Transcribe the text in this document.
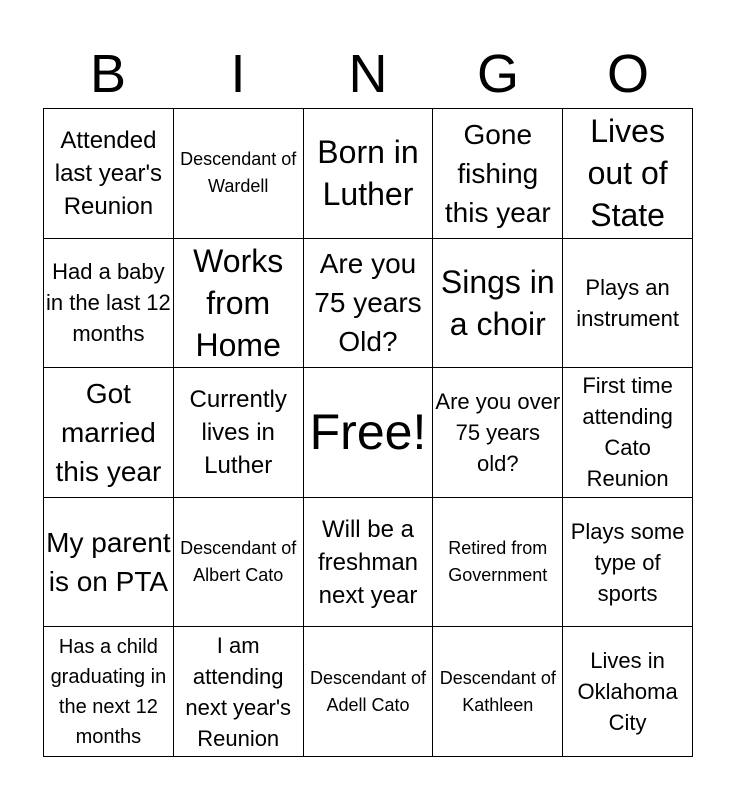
B	I	N	G	O
Attended last year's Reunion
Descendant of Wardell
Born in Luther
Gone fishing this year
Lives out of State
Had a baby in the last 12 months
Works from Home
Are you 75 years Old?
Sings in a choir
Plays an instrument
Got married this year
Currently lives in Luther
Free!
Are you over 75 years old?
First time attending Cato Reunion
My parent is on PTA
Descendant of Albert Cato
Will be a freshman next year
Retired from Government
Plays some type of sports
Has a child graduating in the next 12 months
I am attending next year's Reunion
Descendant of Adell Cato
Descendant of Kathleen
Lives in Oklahoma City
